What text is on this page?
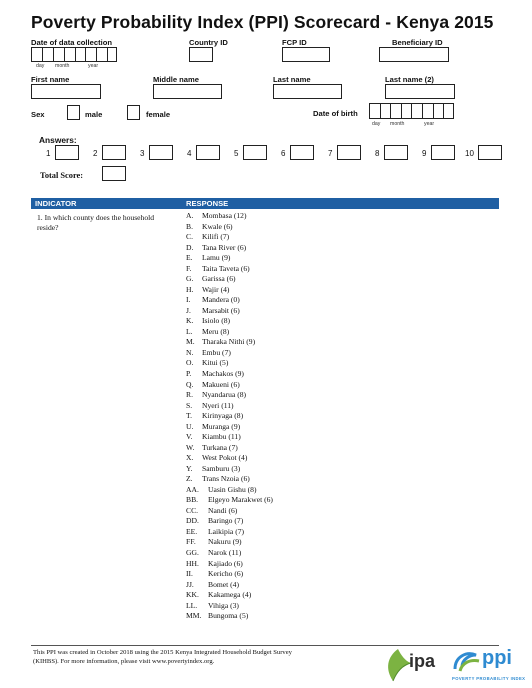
Poverty Probability Index (PPI) Scorecard - Kenya 2015
Date of data collection	Country ID	FCP ID	Beneficiary ID
day month	year
First name	Middle name	Last name	Last name (2)
Sex	male	female	Date of birth
day month	year
Answers:
1	2	3	4	5	6	7	8	9	10
Total Score:
INDICATOR	RESPONSE
1. In which county does the household reside?
A. Mombasa (12)
B. Kwale (6)
C. Kilifi (7)
D. Tana River (6)
E. Lamu (9)
F. Taita Taveta (6)
G. Garissa (6)
H. Wajir (4)
I. Mandera (0)
J. Marsabit (6)
K. Isiolo (8)
L. Meru (8)
M. Tharaka Nithi (9)
N. Embu (7)
O. Kitui (5)
P. Machakos (9)
Q. Makueni (6)
R. Nyandarua (8)
S. Nyeri (11)
T. Kirinyaga (8)
U. Muranga (9)
V. Kiambu (11)
W. Turkana (7)
X. West Pokot (4)
Y. Samburu (3)
Z. Trans Nzoia (6)
AA. Uasin Gishu (8)
BB. Elgeyo Marakwet (6)
CC. Nandi (6)
DD. Baringo (7)
EE. Laikipia (7)
FF. Nakuru (9)
GG. Narok (11)
HH. Kajiado (6)
II. Kericho (6)
JJ. Bomet (4)
KK. Kakamega (4)
LL. Vihiga (3)
MM. Bungoma (5)
This PPI was created in October 2018 using the 2015 Kenya Integrated Household Budget Survey (KIHBS). For more information, please visit www.povertyindex.org.	ipa ppi
POVERTY PROBABILITY INDEX
